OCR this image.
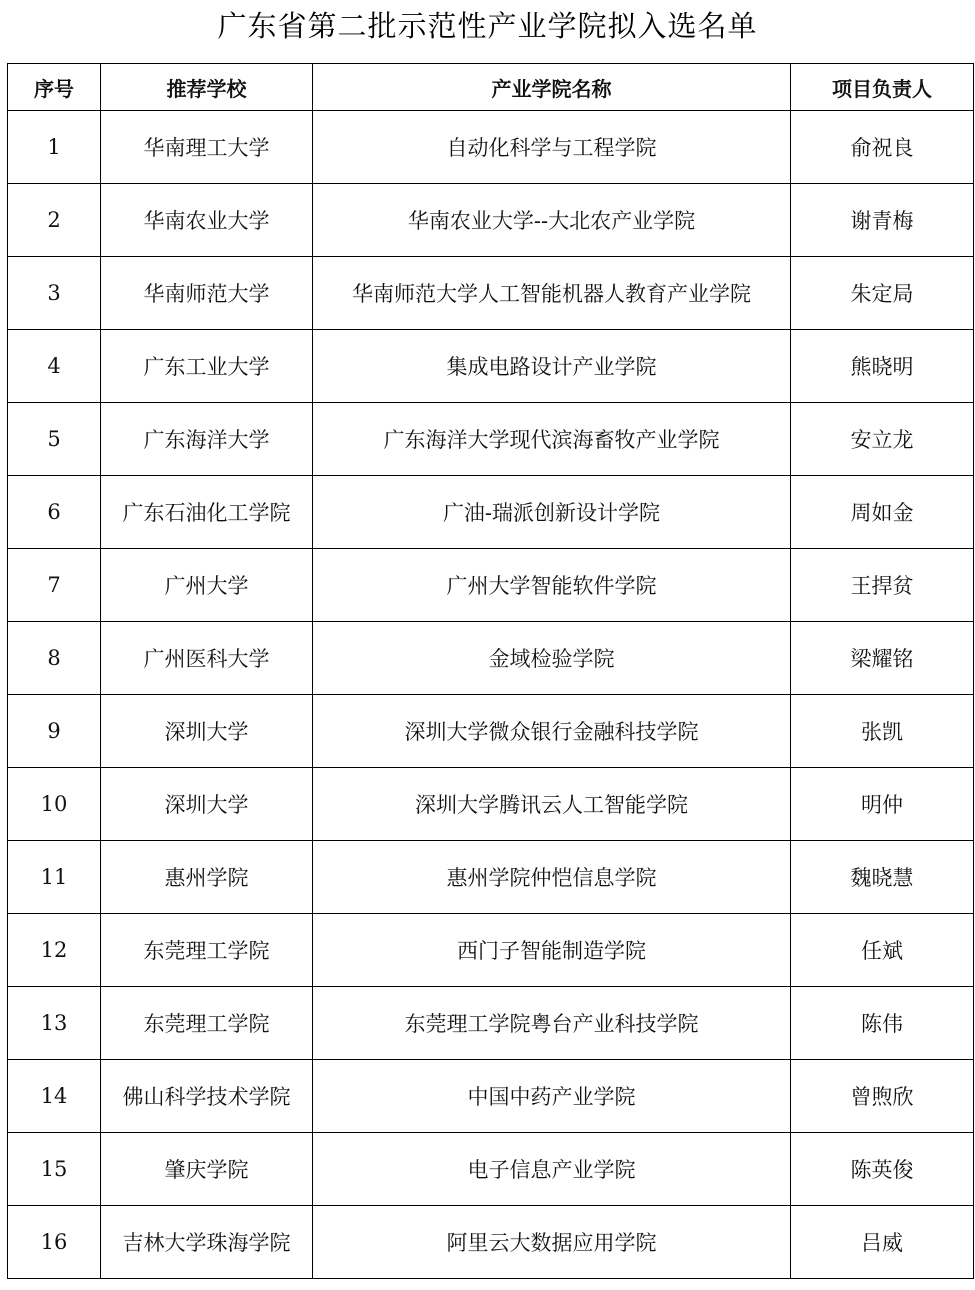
广东省第二批示范性产业学院拟入选名单
序号	推荐学校	产业学院名称	项目负责人
1	华南理工大学	自动化科学与工程学院	俞祝良
2	华南农业大学	华南农业大学--大北农产业学院	谢青梅
3	华南师范大学	华南师范大学人工智能机器人教育产业学院	朱定局
4	广东工业大学	集成电路设计产业学院	熊晓明
5	广东海洋大学	广东海洋大学现代滨海畜牧产业学院	安立龙
6	广东石油化工学院	广油-瑞派创新设计学院	周如金
7	广州大学	广州大学智能软件学院	王捍贫
8	广州医科大学	金域检验学院	梁耀铭
9	深圳大学	深圳大学微众银行金融科技学院	张凯
10	深圳大学	深圳大学腾讯云人工智能学院	明仲
11	惠州学院	惠州学院仲恺信息学院	魏晓慧
12	东莞理工学院	西门子智能制造学院	任斌
13	东莞理工学院	东莞理工学院粤台产业科技学院	陈伟
14	佛山科学技术学院	中国中药产业学院	曾煦欣
15	肇庆学院	电子信息产业学院	陈英俊
16	吉林大学珠海学院	阿里云大数据应用学院	吕威
